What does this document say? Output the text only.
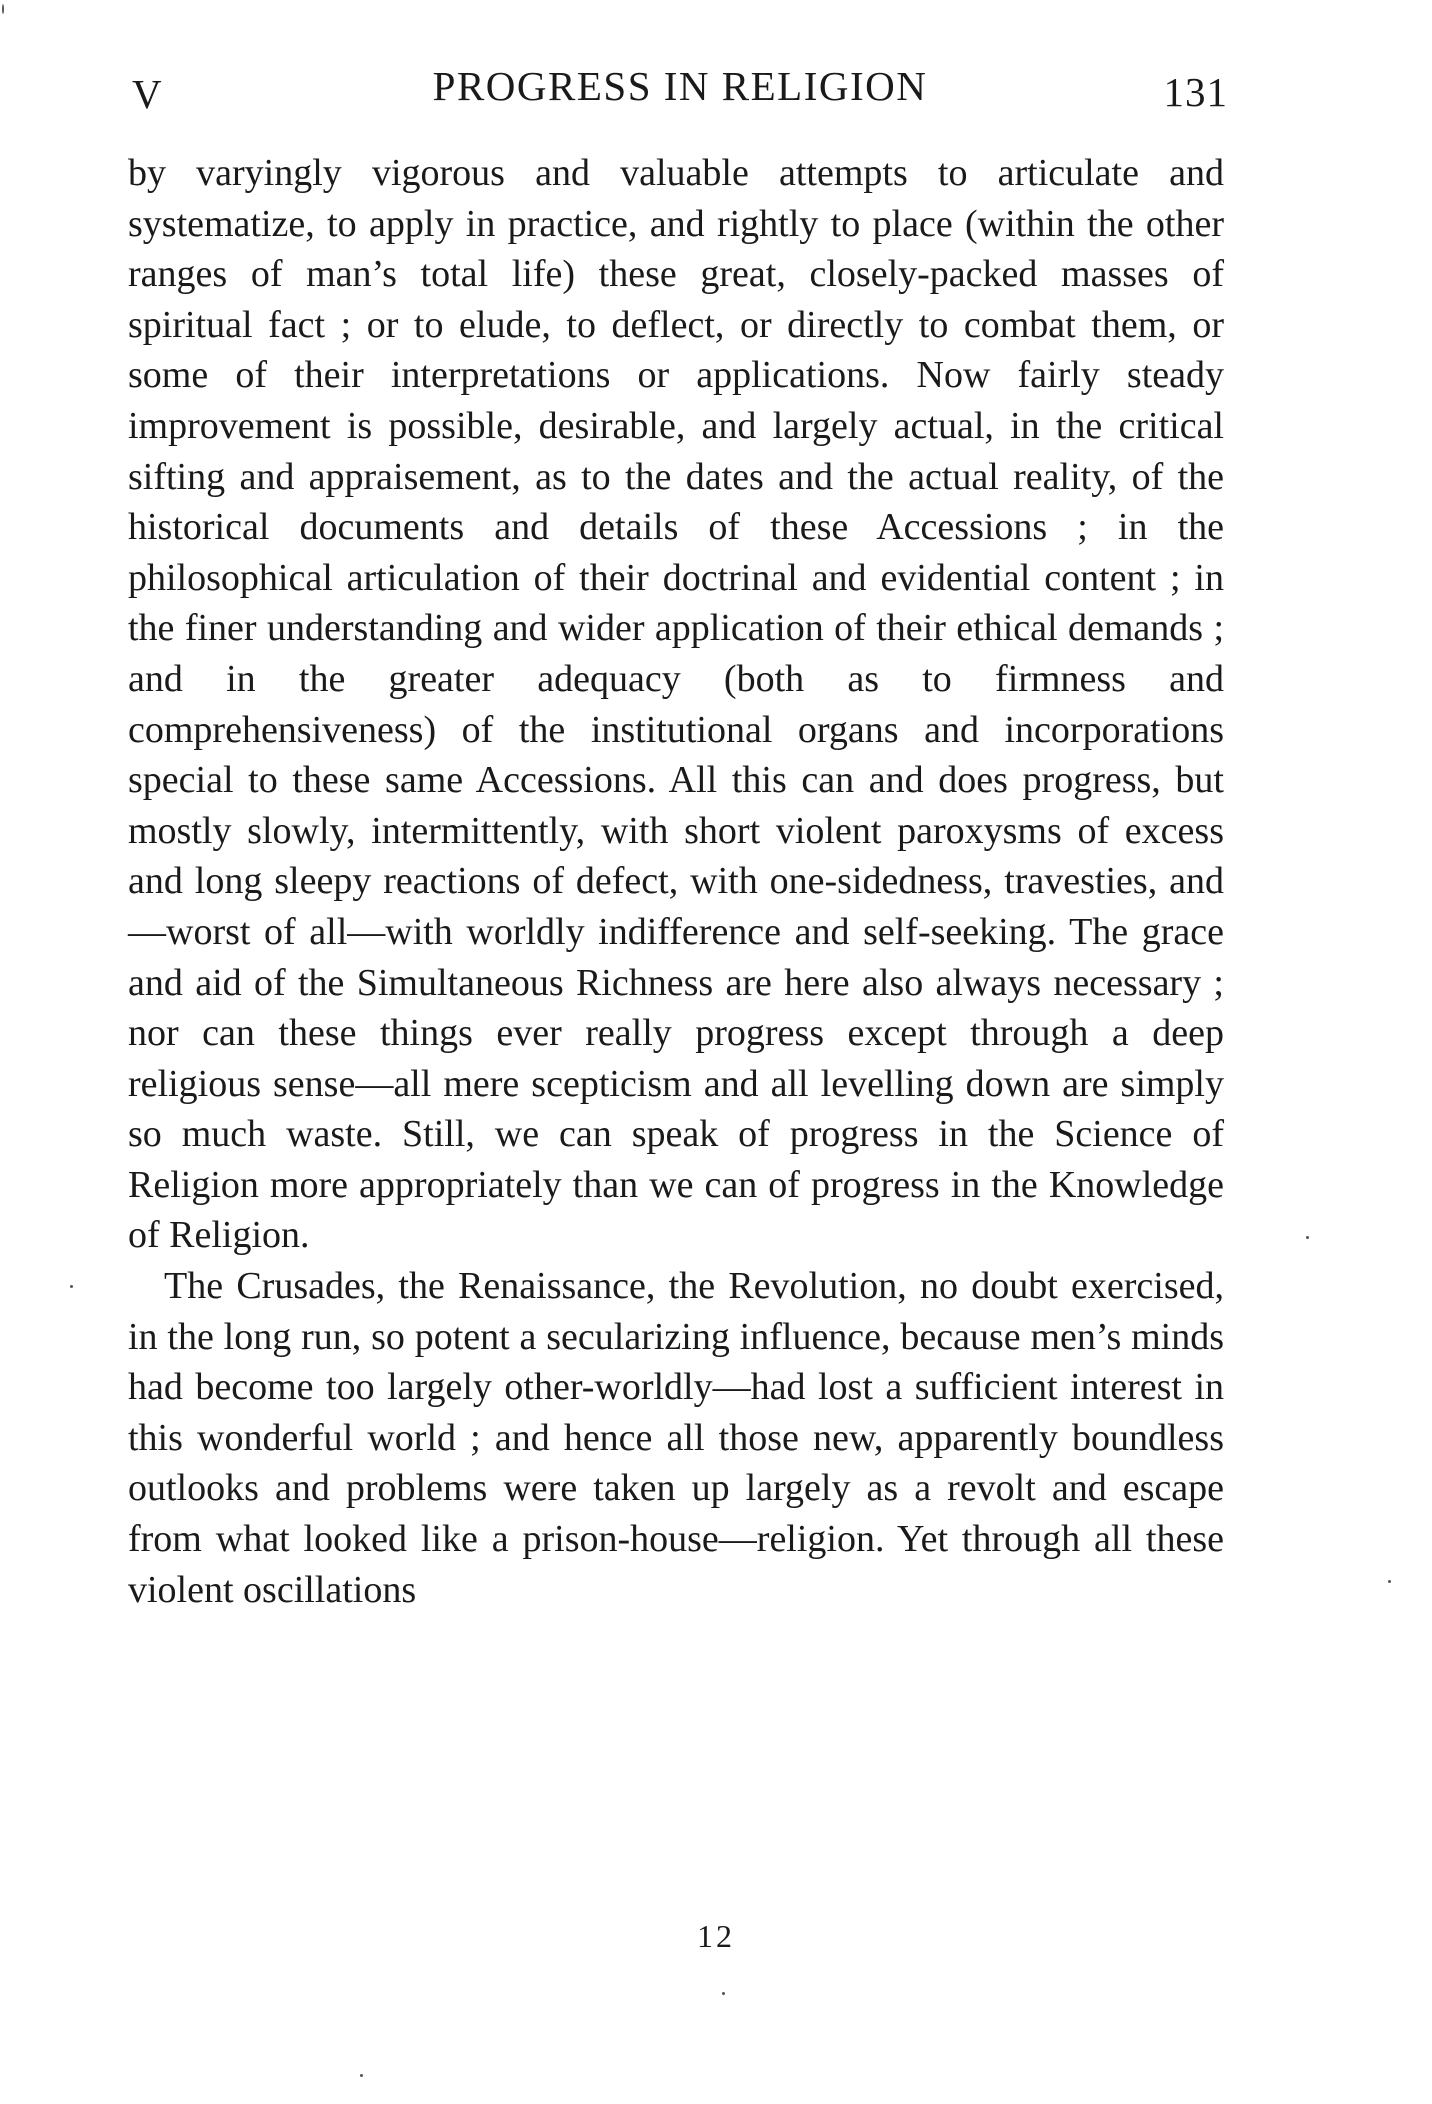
V	PROGRESS IN RELIGION	131

by varyingly vigorous and valuable attempts to articulate and systematize, to apply in practice, and rightly to place (within the other ranges of man’s total life) these great, closely-packed masses of spiritual fact ; or to elude, to deflect, or directly to combat them, or some of their interpretations or applications. Now fairly steady improvement is possible, desirable, and largely actual, in the critical sifting and appraisement, as to the dates and the actual reality, of the historical documents and details of these Accessions ; in the philosophical articulation of their doctrinal and evidential content ; in the finer understanding and wider application of their ethical demands ; and in the greater adequacy (both as to firmness and comprehensiveness) of the institutional organs and incorporations special to these same Accessions. All this can and does progress, but mostly slowly, intermittently, with short violent paroxysms of excess and long sleepy reactions of defect, with one-sidedness, travesties, and—worst of all—with worldly indifference and self-seeking. The grace and aid of the Simultaneous Richness are here also always necessary ; nor can these things ever really progress except through a deep religious sense—all mere scepticism and all levelling down are simply so much waste. Still, we can speak of progress in the Science of Religion more appropriately than we can of progress in the Knowledge of Religion.

The Crusades, the Renaissance, the Revolution, no doubt exercised, in the long run, so potent a secularizing influence, because men’s minds had become too largely other-worldly—had lost a sufficient interest in this wonderful world ; and hence all those new, apparently boundless outlooks and problems were taken up largely as a revolt and escape from what looked like a prison-house—religion. Yet through all these violent oscillations

12
